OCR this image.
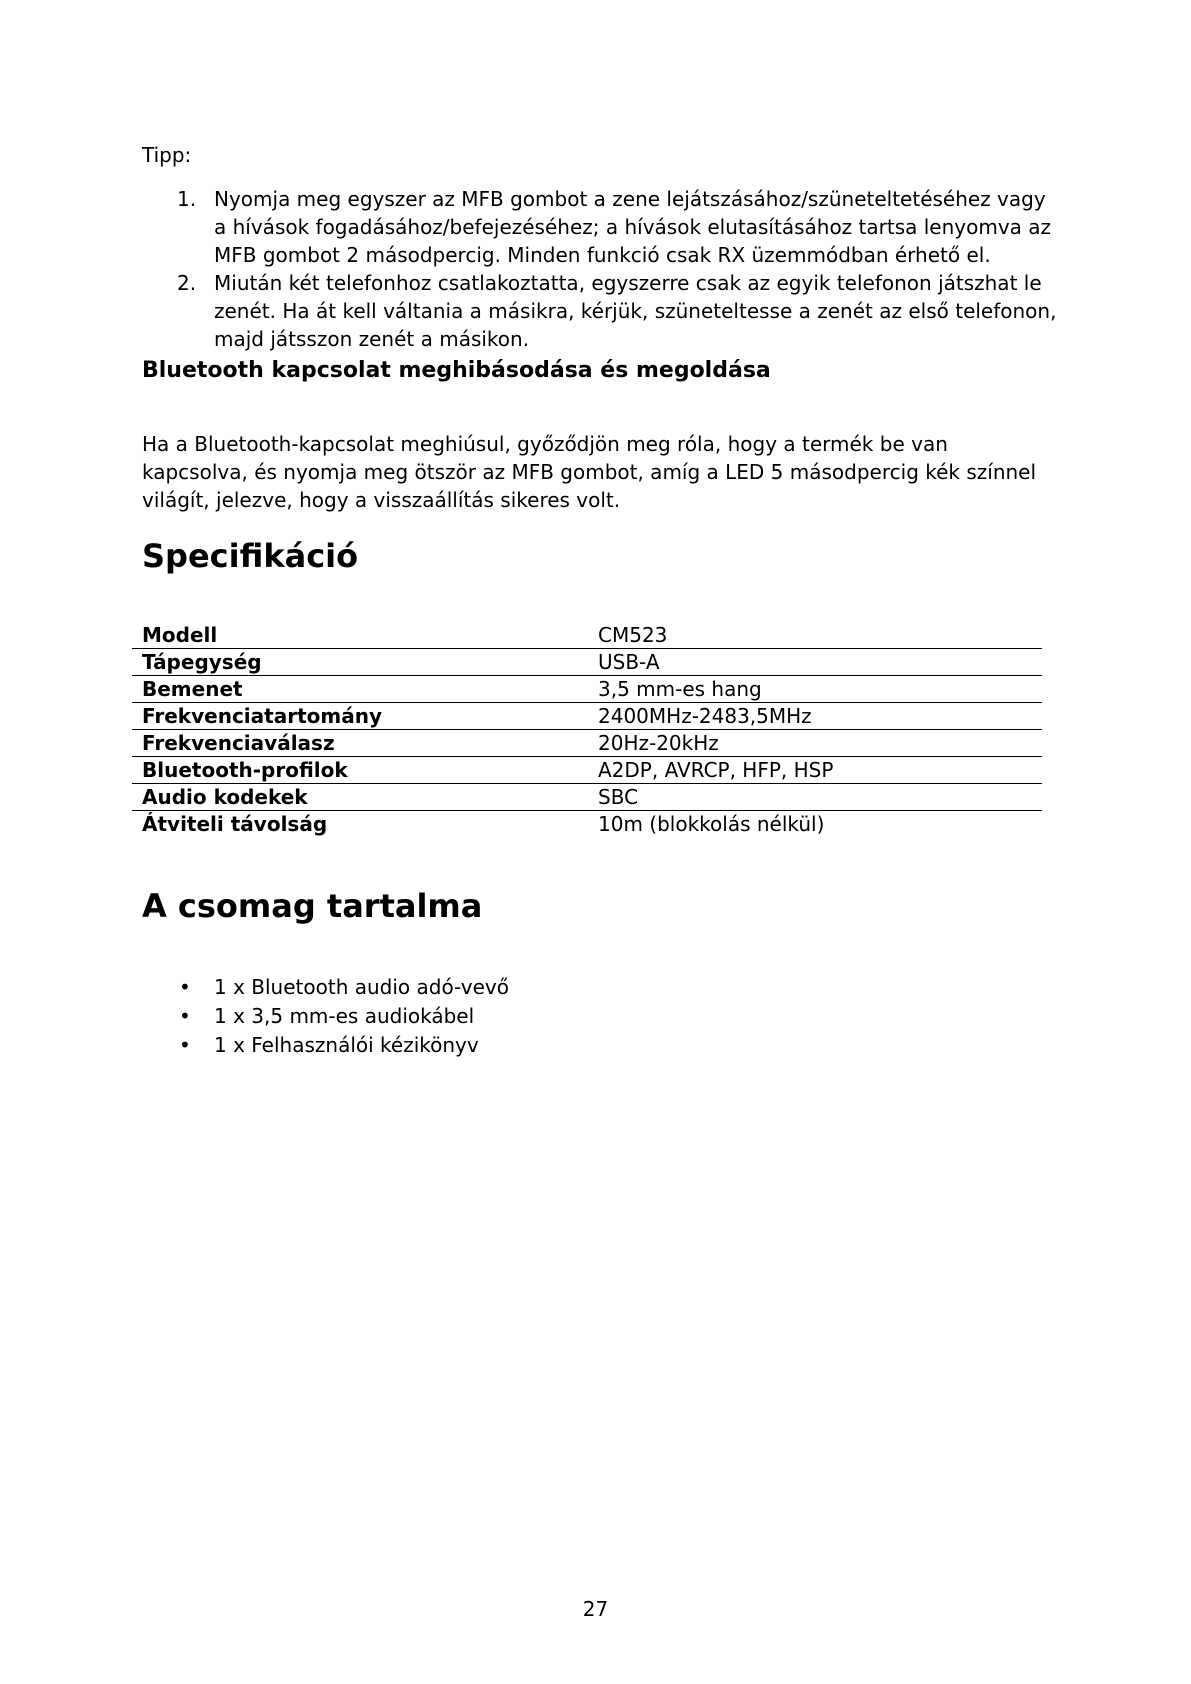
Tipp:

1. Nyomja meg egyszer az MFB gombot a zene lejátszásához/szüneteltetéséhez vagy
a hívások fogadásához/befejezéséhez; a hívások elutasításához tartsa lenyomva az
MFB gombot 2 másodpercig. Minden funkció csak RX üzemmódban érhető el.
2. Miután két telefonhoz csatlakoztatta, egyszerre csak az egyik telefonon játszhat le
zenét. Ha át kell váltania a másikra, kérjük, szüneteltesse a zenét az első telefonon,
majd játsszon zenét a másikon.
Bluetooth kapcsolat meghibásodása és megoldása

Ha a Bluetooth-kapcsolat meghiúsul, győződjön meg róla, hogy a termék be van
kapcsolva, és nyomja meg ötször az MFB gombot, amíg a LED 5 másodpercig kék színnel
világít, jelezve, hogy a visszaállítás sikeres volt.

Specifikáció
Modell	CM523
Tápegység	USB-A
Bemenet	3,5 mm-es hang
Frekvenciatartomány	2400MHz-2483,5MHz
Frekvenciaválasz	20Hz-20kHz
Bluetooth-profilok	A2DP, AVRCP, HFP, HSP
Audio kodekek	SBC
Átviteli távolság	10m (blokkolás nélkül)
A csomag tartalma
• 1 x Bluetooth audio adó-vevő
• 1 x 3,5 mm-es audiokábel
• 1 x Felhasználói kézikönyv

27
